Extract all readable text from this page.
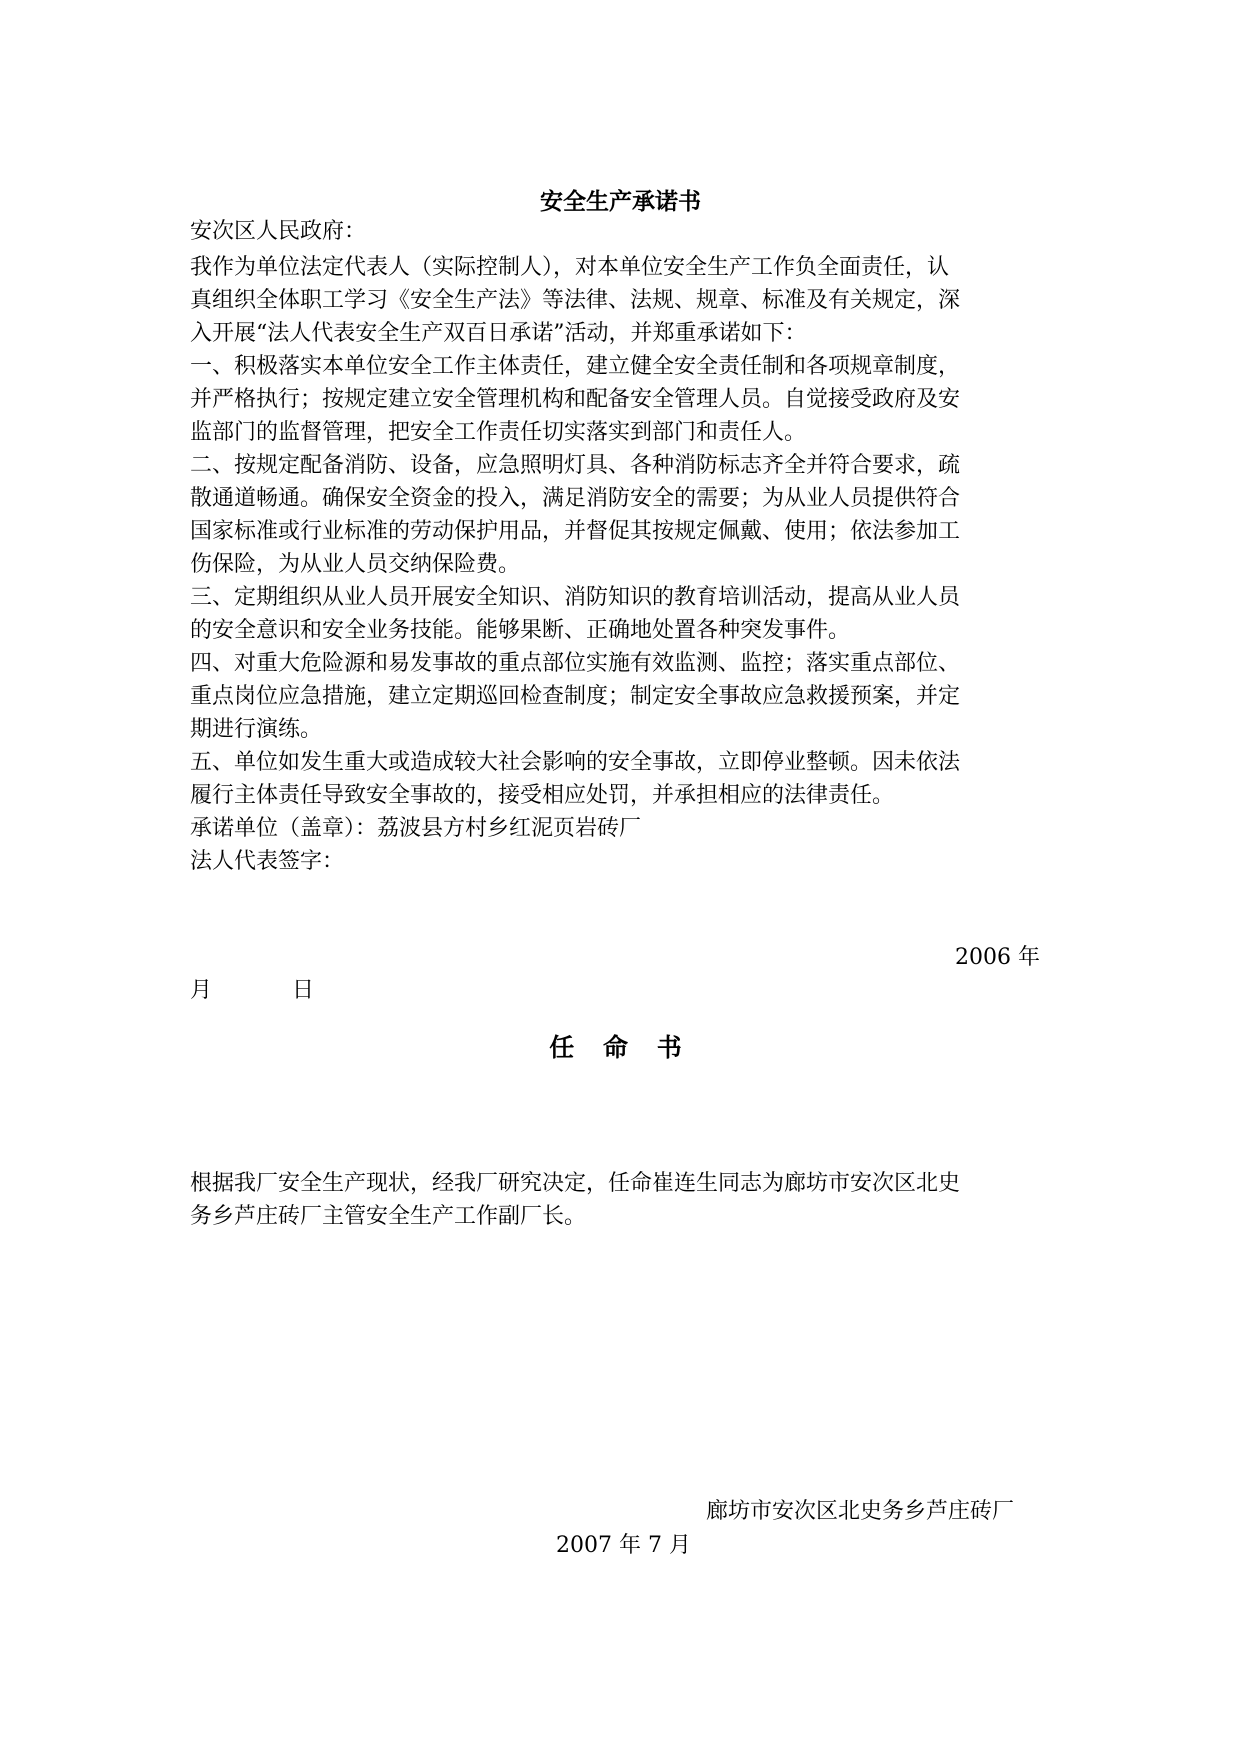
安全生产承诺书
安次区人民政府：
我作为单位法定代表人（实际控制人），对本单位安全生产工作负全面责任，认
真组织全体职工学习《安全生产法》等法律、法规、规章、标准及有关规定，深
入开展“法人代表安全生产双百日承诺”活动，并郑重承诺如下：
一、积极落实本单位安全工作主体责任，建立健全安全责任制和各项规章制度，
并严格执行；按规定建立安全管理机构和配备安全管理人员。自觉接受政府及安
监部门的监督管理，把安全工作责任切实落实到部门和责任人。
二、按规定配备消防、设备，应急照明灯具、各种消防标志齐全并符合要求，疏
散通道畅通。确保安全资金的投入，满足消防安全的需要；为从业人员提供符合
国家标准或行业标准的劳动保护用品，并督促其按规定佩戴、使用；依法参加工
伤保险，为从业人员交纳保险费。
三、定期组织从业人员开展安全知识、消防知识的教育培训活动，提高从业人员
的安全意识和安全业务技能。能够果断、正确地处置各种突发事件。
四、对重大危险源和易发事故的重点部位实施有效监测、监控；落实重点部位、
重点岗位应急措施，建立定期巡回检查制度；制定安全事故应急救援预案，并定
期进行演练。
五、单位如发生重大或造成较大社会影响的安全事故，立即停业整顿。因未依法
履行主体责任导致安全事故的，接受相应处罚，并承担相应的法律责任。
承诺单位（盖章）：荔波县方村乡红泥页岩砖厂
法人代表签字：
2006 年
月	日
任 命 书
根据我厂安全生产现状，经我厂研究决定，任命崔连生同志为廊坊市安次区北史
务乡芦庄砖厂主管安全生产工作副厂长。
廊坊市安次区北史务乡芦庄砖厂
2007 年 7 月
